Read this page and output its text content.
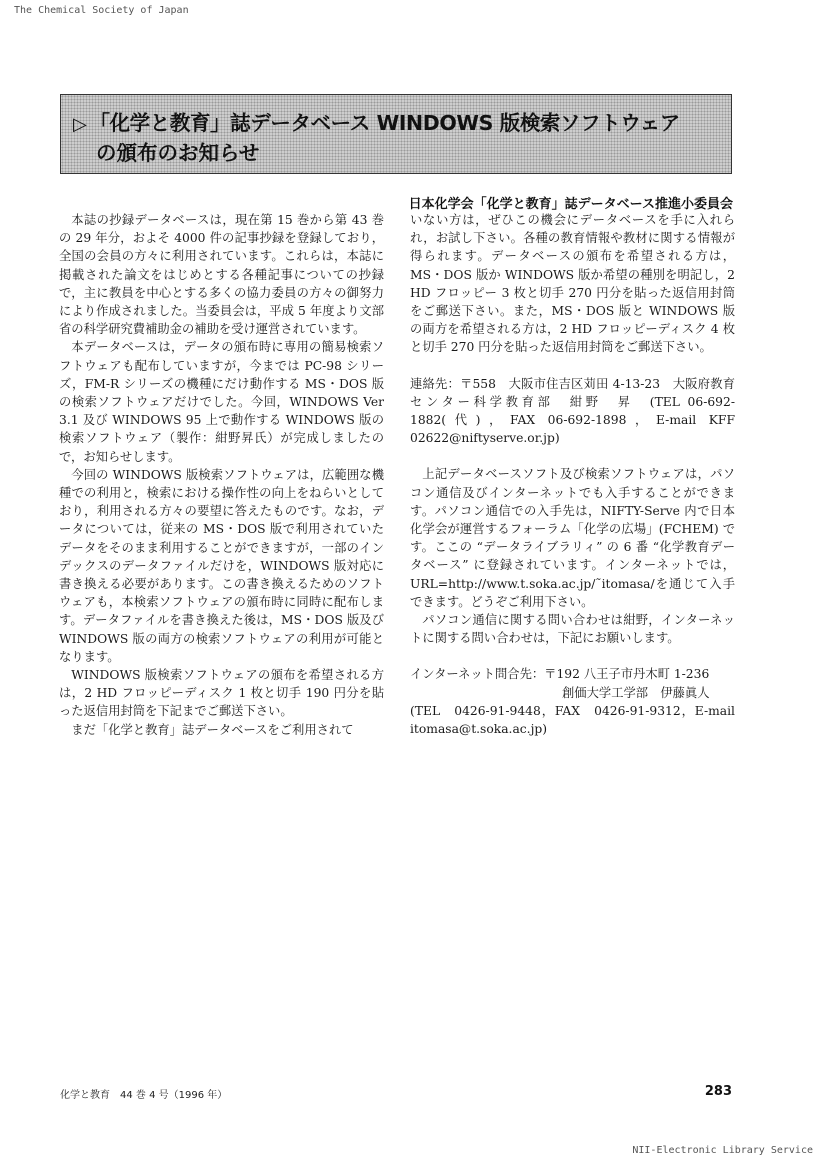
The Chemical Society of Japan
▷ 「化学と教育」誌データベース WINDOWS 版検索ソフトウェア
の頒布のお知らせ
日本化学会「化学と教育」誌データベース推進小委員会

本誌の抄録データベースは，現在第 15 巻から第 43 巻の 29 年分，およそ 4000 件の記事抄録を登録しており，全国の会員の方々に利用されています。これらは，本誌に掲載された論文をはじめとする各種記事についての抄録で，主に教員を中心とする多くの協力委員の方々の御努力により作成されました。当委員会は，平成 5 年度より文部省の科学研究費補助金の補助を受け運営されています。

本データベースは，データの頒布時に専用の簡易検索ソフトウェアも配布していますが，今までは PC-98 シリーズ，FM-R シリーズの機種にだけ動作する MS・DOS 版の検索ソフトウェアだけでした。今回，WINDOWS Ver 3.1 及び WINDOWS 95 上で動作する WINDOWS 版の検索ソフトウェア（製作：紺野昇氏）が完成しましたので，お知らせします。

今回の WINDOWS 版検索ソフトウェアは，広範囲な機種での利用と，検索における操作性の向上をねらいとしており，利用される方々の要望に答えたものです。なお，データについては，従来の MS・DOS 版で利用されていたデータをそのまま利用することができますが，一部のインデックスのデータファイルだけを，WINDOWS 版対応に書き換える必要があります。この書き換えるためのソフトウェアも，本検索ソフトウェアの頒布時に同時に配布します。データファイルを書き換えた後は，MS・DOS 版及び WINDOWS 版の両方の検索ソフトウェアの利用が可能となります。

WINDOWS 版検索ソフトウェアの頒布を希望される方は，2 HD フロッピーディスク 1 枚と切手 190 円分を貼った返信用封筒を下記までご郵送下さい。

まだ「化学と教育」誌データベースをご利用されて

いない方は，ぜひこの機会にデータベースを手に入れられ，お試し下さい。各種の教育情報や教材に関する情報が得られます。データベースの頒布を希望される方は，MS・DOS 版か WINDOWS 版か希望の種別を明記し，2 HD フロッピー 3 枚と切手 270 円分を貼った返信用封筒をご郵送下さい。また，MS・DOS 版と WINDOWS 版の両方を希望される方は，2 HD フロッピーディスク 4 枚と切手 270 円分を貼った返信用封筒をご郵送下さい。

連絡先：〒558　大阪市住吉区苅田 4-13-23　大阪府教育センター科学教育部　紺野　昇　(TEL 06-692-1882(代)，FAX 06-692-1898，E-mail KFF 02622@niftyserve.or.jp)

上記データベースソフト及び検索ソフトウェアは，パソコン通信及びインターネットでも入手することができます。パソコン通信での入手先は，NIFTY-Serve 内で日本化学会が運営するフォーラム「化学の広場」(FCHEM) です。ここの “データライブラリィ” の 6 番 “化学教育データベース” に登録されています。インターネットでは，URL=http://www.t.soka.ac.jp/˜itomasa/を通じて入手できます。どうぞご利用下さい。

パソコン通信に関する問い合わせは紺野，インターネットに関する問い合わせは，下記にお願いします。

インターネット問合先：〒192 八王子市丹木町 1-236

創価大学工学部　伊藤眞人

(TEL　0426-91-9448，FAX　0426-91-9312，E-mail itomasa@t.soka.ac.jp)

化学と教育　44 巻 4 号（1996 年）	283
NII-Electronic Library Service
